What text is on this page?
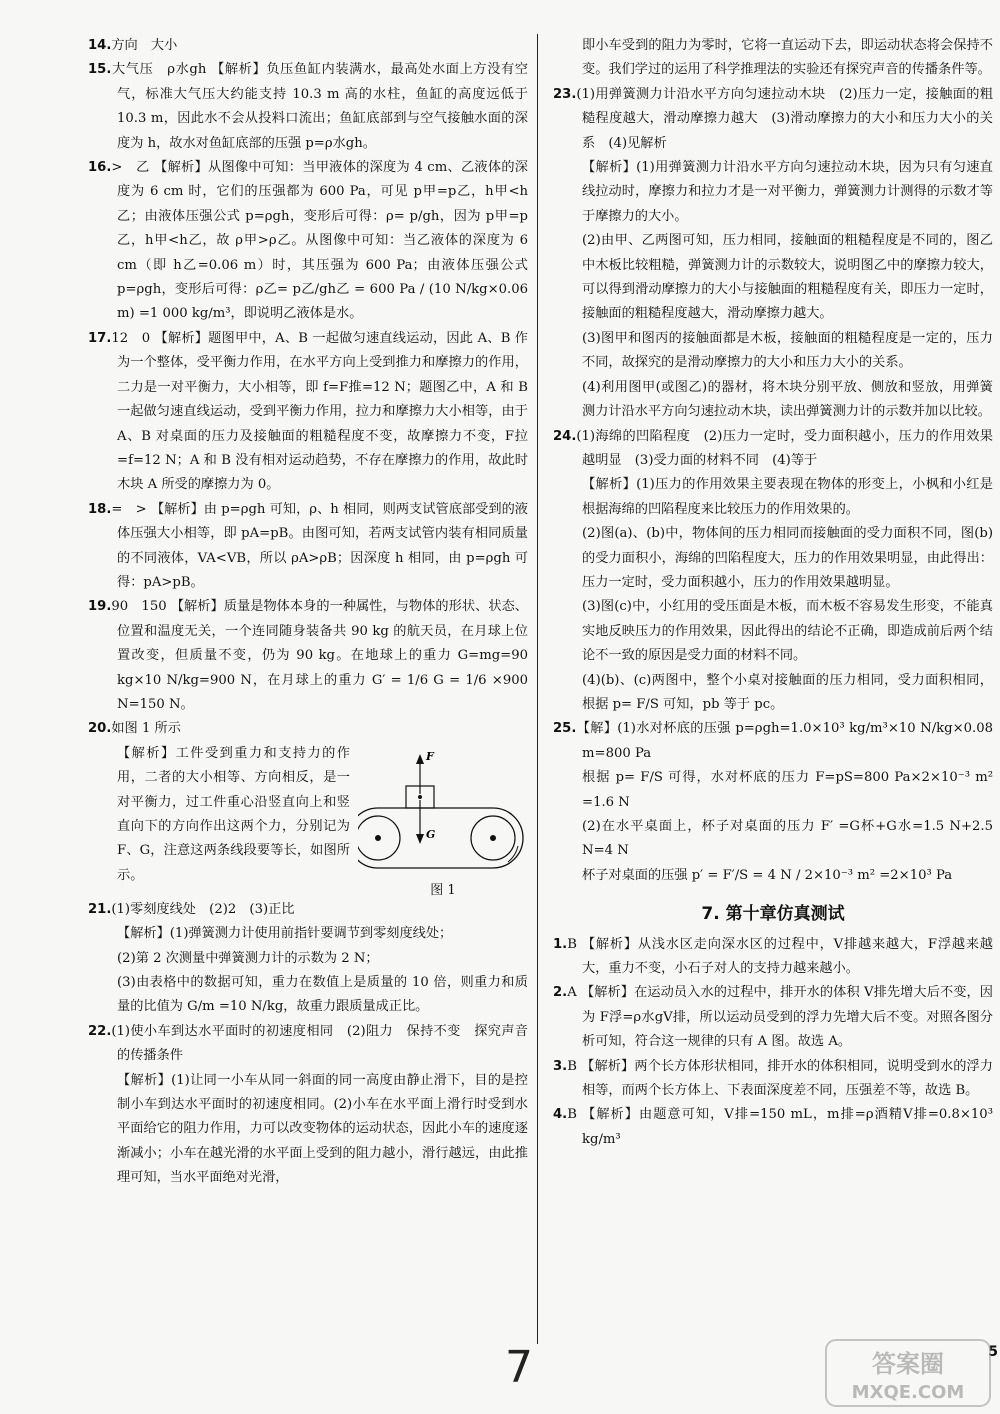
14.方向　大小

15.大气压　ρ水gh 【解析】负压鱼缸内装满水，最高处水面上方没有空气，标准大气压大约能支持 10.3 m 高的水柱，鱼缸的高度远低于 10.3 m，因此水不会从投料口流出；鱼缸底部到与空气接触水面的深度为 h，故水对鱼缸底部的压强 p=ρ水gh。

16.>　乙 【解析】从图像中可知：当甲液体的深度为 4 cm、乙液体的深度为 6 cm 时，它们的压强都为 600 Pa，可见 p甲=p乙，h甲<h乙；由液体压强公式 p=ρgh，变形后可得：ρ= p/gh，因为 p甲=p乙，h甲<h乙，故 ρ甲>ρ乙。从图像中可知：当乙液体的深度为 6 cm（即 h乙=0.06 m）时，其压强为 600 Pa；由液体压强公式 p=ρgh，变形后可得：ρ乙= p乙/gh乙 = 600 Pa / (10 N/kg×0.06 m) =1 000 kg/m³，即说明乙液体是水。

17.12　0 【解析】题图甲中，A、B 一起做匀速直线运动，因此 A、B 作为一个整体，受平衡力作用，在水平方向上受到推力和摩擦力的作用，二力是一对平衡力，大小相等，即 f=F推=12 N；题图乙中，A 和 B 一起做匀速直线运动，受到平衡力作用，拉力和摩擦力大小相等，由于 A、B 对桌面的压力及接触面的粗糙程度不变，故摩擦力不变，F拉=f=12 N；A 和 B 没有相对运动趋势，不存在摩擦力的作用，故此时木块 A 所受的摩擦力为 0。

18.=　> 【解析】由 p=ρgh 可知，ρ、h 相同，则两支试管底部受到的液体压强大小相等，即 pA=pB。由图可知，若两支试管内装有相同质量的不同液体，VA<VB，所以 ρA>ρB；因深度 h 相同，由 p=ρgh 可得：pA>pB。

19.90　150 【解析】质量是物体本身的一种属性，与物体的形状、状态、位置和温度无关，一个连同随身装备共 90 kg 的航天员，在月球上位置改变，但质量不变，仍为 90 kg。在地球上的重力 G=mg=90 kg×10 N/kg=900 N，在月球上的重力 G′ = 1/6 G = 1/6 ×900 N=150 N。

20.如图 1 所示

F
G
图 1

【解析】工件受到重力和支持力的作用，二者的大小相等、方向相反，是一对平衡力，过工件重心沿竖直向上和竖直向下的方向作出这两个力，分别记为 F、G，注意这两条线段要等长，如图所示。

21.(1)零刻度线处　(2)2　(3)正比

【解析】(1)弹簧测力计使用前指针要调节到零刻度线处；

(2)第 2 次测量中弹簧测力计的示数为 2 N；

(3)由表格中的数据可知，重力在数值上是质量的 10 倍，则重力和质量的比值为 G/m =10 N/kg，故重力跟质量成正比。

22.(1)使小车到达水平面时的初速度相同　(2)阻力　保持不变　探究声音的传播条件

【解析】(1)让同一小车从同一斜面的同一高度由静止滑下，目的是控制小车到达水平面时的初速度相同。(2)小车在水平面上滑行时受到水平面给它的阻力作用，力可以改变物体的运动状态，因此小车的速度逐渐减小；小车在越光滑的水平面上受到的阻力越小，滑行越远，由此推理可知，当水平面绝对光滑，

即小车受到的阻力为零时，它将一直运动下去，即运动状态将会保持不变。我们学过的运用了科学推理法的实验还有探究声音的传播条件等。

23.(1)用弹簧测力计沿水平方向匀速拉动木块　(2)压力一定，接触面的粗糙程度越大，滑动摩擦力越大　(3)滑动摩擦力的大小和压力大小的关系　(4)见解析

【解析】(1)用弹簧测力计沿水平方向匀速拉动木块，因为只有匀速直线拉动时，摩擦力和拉力才是一对平衡力，弹簧测力计测得的示数才等于摩擦力的大小。

(2)由甲、乙两图可知，压力相同，接触面的粗糙程度是不同的，图乙中木板比较粗糙，弹簧测力计的示数较大，说明图乙中的摩擦力较大，可以得到滑动摩擦力的大小与接触面的粗糙程度有关，即压力一定时，接触面的粗糙程度越大，滑动摩擦力越大。

(3)图甲和图丙的接触面都是木板，接触面的粗糙程度是一定的，压力不同，故探究的是滑动摩擦力的大小和压力大小的关系。

(4)利用图甲(或图乙)的器材，将木块分别平放、侧放和竖放，用弹簧测力计沿水平方向匀速拉动木块，读出弹簧测力计的示数并加以比较。

24.(1)海绵的凹陷程度　(2)压力一定时，受力面积越小，压力的作用效果越明显　(3)受力面的材料不同　(4)等于

【解析】(1)压力的作用效果主要表现在物体的形变上，小枫和小红是根据海绵的凹陷程度来比较压力的作用效果的。

(2)图(a)、(b)中，物体间的压力相同而接触面的受力面积不同，图(b)的受力面积小，海绵的凹陷程度大，压力的作用效果明显，由此得出：压力一定时，受力面积越小，压力的作用效果越明显。

(3)图(c)中，小红用的受压面是木板，而木板不容易发生形变，不能真实地反映压力的作用效果，因此得出的结论不正确，即造成前后两个结论不一致的原因是受力面的材料不同。

(4)(b)、(c)两图中，整个小桌对接触面的压力相同，受力面积相同，根据 p= F/S 可知，pb 等于 pc。

25.【解】(1)水对杯底的压强 p=ρgh=1.0×10³ kg/m³×10 N/kg×0.08 m=800 Pa

根据 p= F/S 可得，水对杯底的压力 F=pS=800 Pa×2×10⁻³ m² =1.6 N

(2)在水平桌面上，杯子对桌面的压力 F′ =G杯+G水=1.5 N+2.5 N=4 N

杯子对桌面的压强 p′ = F′/S = 4 N / 2×10⁻³ m² =2×10³ Pa

7. 第十章仿真测试

1.B 【解析】从浅水区走向深水区的过程中，V排越来越大，F浮越来越大，重力不变，小石子对人的支持力越来越小。

2.A 【解析】在运动员入水的过程中，排开水的体积 V排先增大后不变，因为 F浮=ρ水gV排，所以运动员受到的浮力先增大后不变。对照各图分析可知，符合这一规律的只有 A 图。故选 A。

3.B 【解析】两个长方体形状相同，排开水的体积相同，说明受到水的浮力相等，而两个长方体上、下表面深度差不同，压强差不等，故选 B。

4.B 【解析】由题意可知，V排=150 mL，m排=ρ酒精V排=0.8×10³ kg/m³

7	5
答案圈
MXQE.COM
